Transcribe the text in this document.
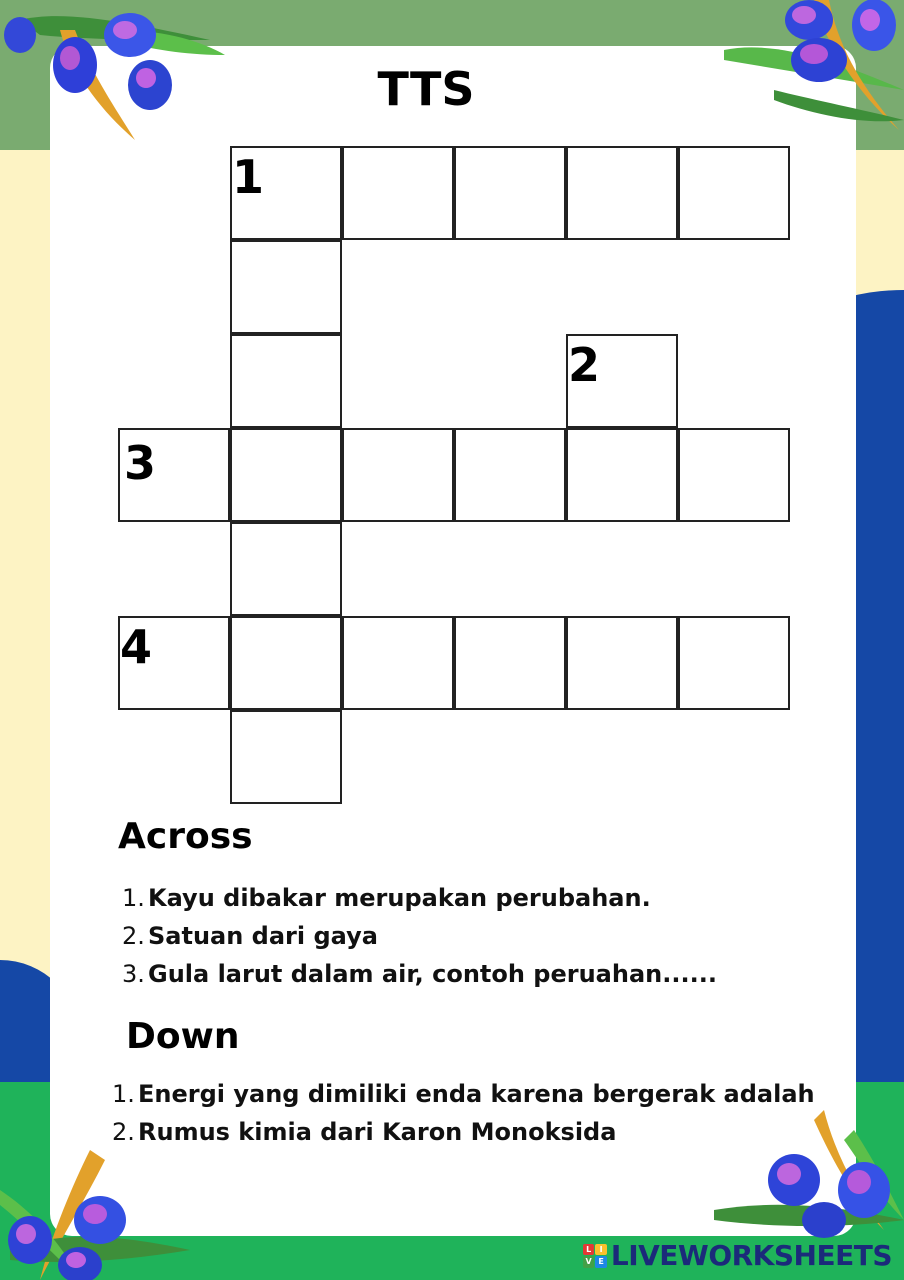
TTS
1
2
3
4
Across
1. Kayu dibakar merupakan perubahan.
2. Satuan dari gaya
3. Gula larut dalam air, contoh peruahan......
Down
1. Energi yang dimiliki enda karena bergerak adalah
2. Rumus kimia dari Karon Monoksida
L	I
V E LIVEWORKSHEETS
